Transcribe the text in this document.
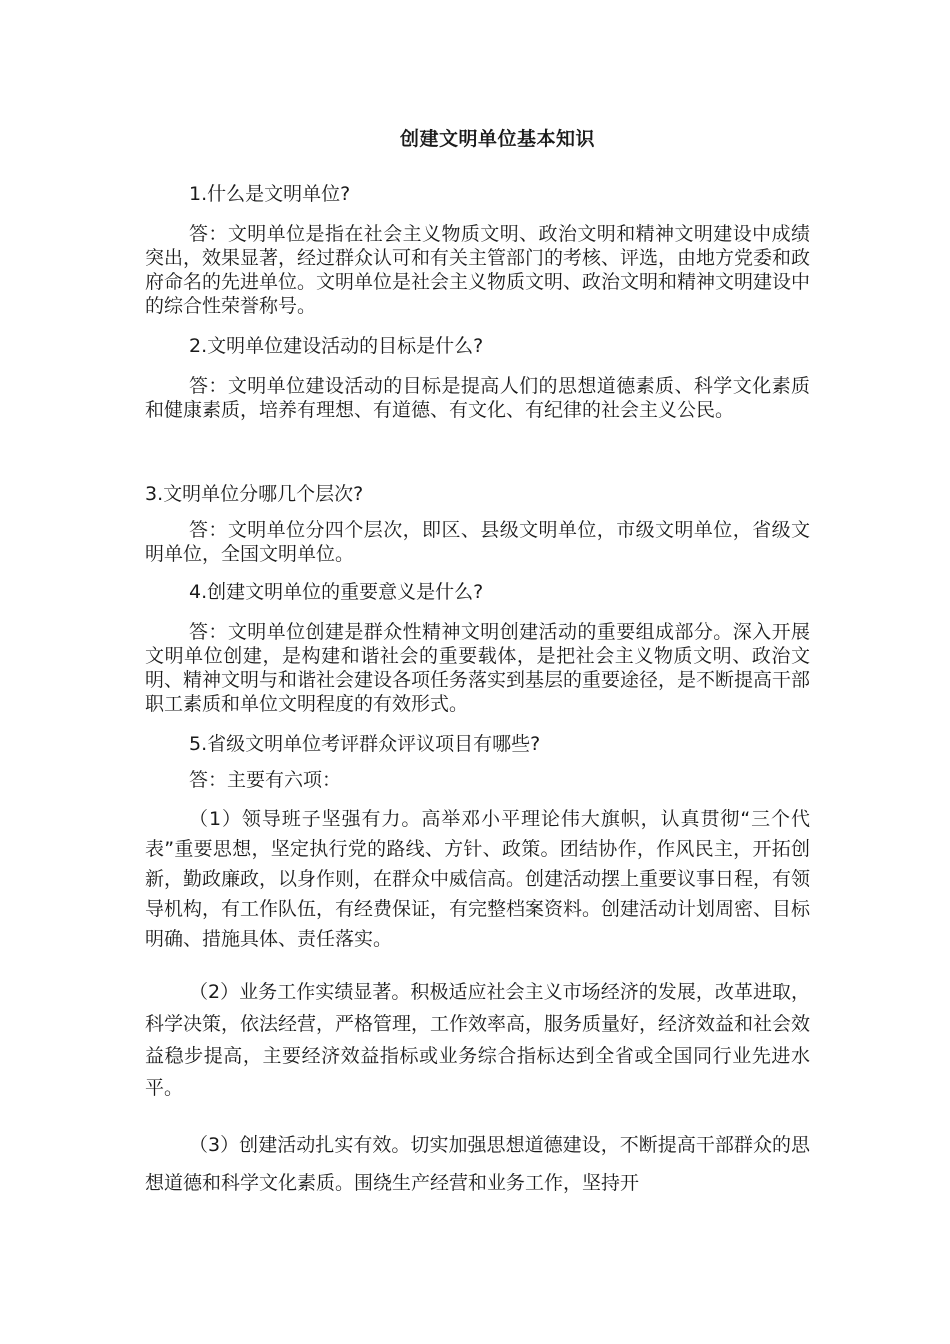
创建文明单位基本知识

1.什么是文明单位?

答：文明单位是指在社会主义物质文明、政治文明和精神文明建设中成绩突出，效果显著，经过群众认可和有关主管部门的考核、评选，由地方党委和政府命名的先进单位。文明单位是社会主义物质文明、政治文明和精神文明建设中的综合性荣誉称号。

2.文明单位建设活动的目标是什么?

答：文明单位建设活动的目标是提高人们的思想道德素质、科学文化素质和健康素质，培养有理想、有道德、有文化、有纪律的社会主义公民。

3.文明单位分哪几个层次?

答：文明单位分四个层次，即区、县级文明单位，市级文明单位，省级文明单位，全国文明单位。

4.创建文明单位的重要意义是什么?

答：文明单位创建是群众性精神文明创建活动的重要组成部分。深入开展文明单位创建，是构建和谐社会的重要载体，是把社会主义物质文明、政治文明、精神文明与和谐社会建设各项任务落实到基层的重要途径，是不断提高干部职工素质和单位文明程度的有效形式。

5.省级文明单位考评群众评议项目有哪些?

答：主要有六项：

（1）领导班子坚强有力。高举邓小平理论伟大旗帜，认真贯彻“三个代表”重要思想，坚定执行党的路线、方针、政策。团结协作，作风民主，开拓创新，勤政廉政，以身作则，在群众中威信高。创建活动摆上重要议事日程，有领导机构，有工作队伍，有经费保证，有完整档案资料。创建活动计划周密、目标明确、措施具体、责任落实。

（2）业务工作实绩显著。积极适应社会主义市场经济的发展，改革进取，科学决策，依法经营，严格管理，工作效率高，服务质量好，经济效益和社会效益稳步提高，主要经济效益指标或业务综合指标达到全省或全国同行业先进水平。

（3）创建活动扎实有效。切实加强思想道德建设，不断提高干部群众的思想道德和科学文化素质。围绕生产经营和业务工作，坚持开
